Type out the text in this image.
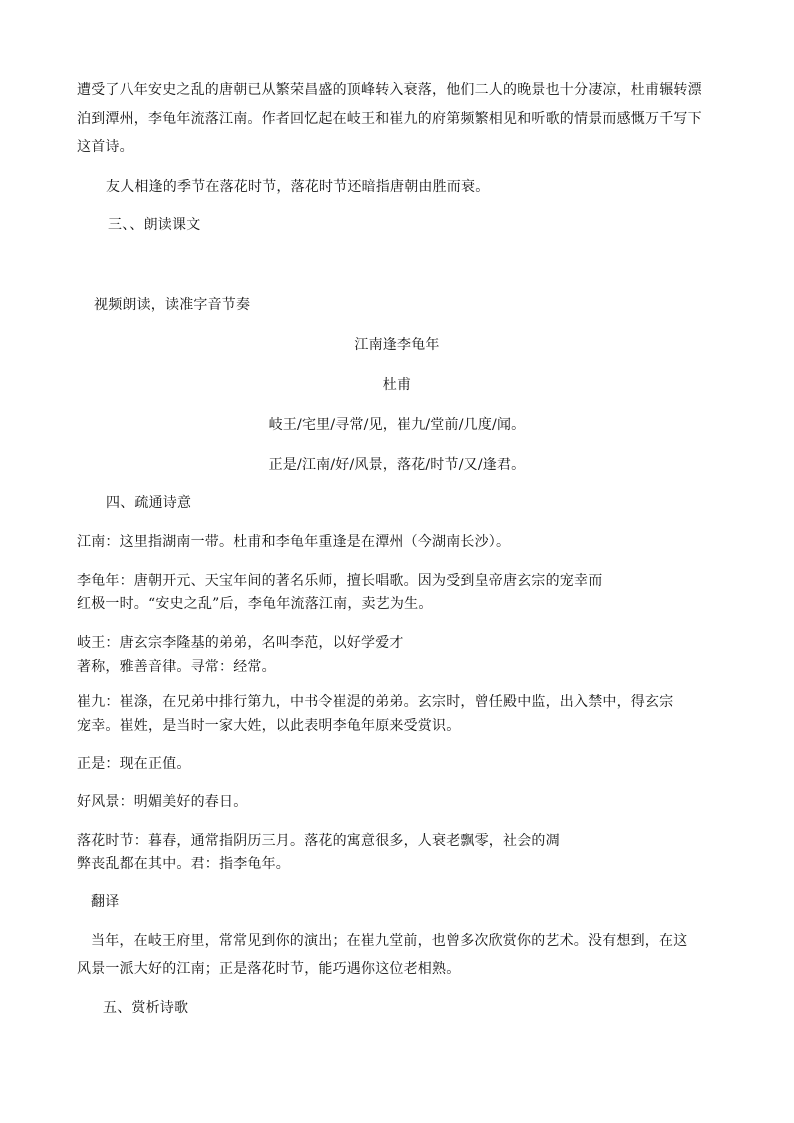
遭受了八年安史之乱的唐朝已从繁荣昌盛的顶峰转入衰落，他们二人的晚景也十分凄凉，杜甫辗转漂
泊到潭州，李龟年流落江南。作者回忆起在岐王和崔九的府第频繁相见和听歌的情景而感慨万千写下
这首诗。
友人相逢的季节在落花时节，落花时节还暗指唐朝由胜而衰。
三、、朗读课文
视频朗读，读准字音节奏
江南逢李龟年
杜甫
岐王/宅里/寻常/见，崔九/堂前/几度/闻。
正是/江南/好/风景，落花/时节/又/逢君。
四、疏通诗意
江南：这里指湖南一带。杜甫和李龟年重逢是在潭州（今湖南长沙）。
李龟年：唐朝开元、天宝年间的著名乐师，擅长唱歌。因为受到皇帝唐玄宗的宠幸而
红极一时。“安史之乱”后，李龟年流落江南，卖艺为生。
岐王：唐玄宗李隆基的弟弟，名叫李范，以好学爱才
著称，雅善音律。寻常：经常。
崔九：崔涤，在兄弟中排行第九，中书令崔湜的弟弟。玄宗时，曾任殿中监，出入禁中，得玄宗
宠幸。崔姓，是当时一家大姓，以此表明李龟年原来受赏识。
正是：现在正值。
好风景：明媚美好的春日。
落花时节：暮春，通常指阴历三月。落花的寓意很多，人衰老飘零，社会的凋
弊丧乱都在其中。君：指李龟年。
翻译
当年，在岐王府里，常常见到你的演出；在崔九堂前，也曾多次欣赏你的艺术。没有想到，在这
风景一派大好的江南；正是落花时节，能巧遇你这位老相熟。
五、赏析诗歌
